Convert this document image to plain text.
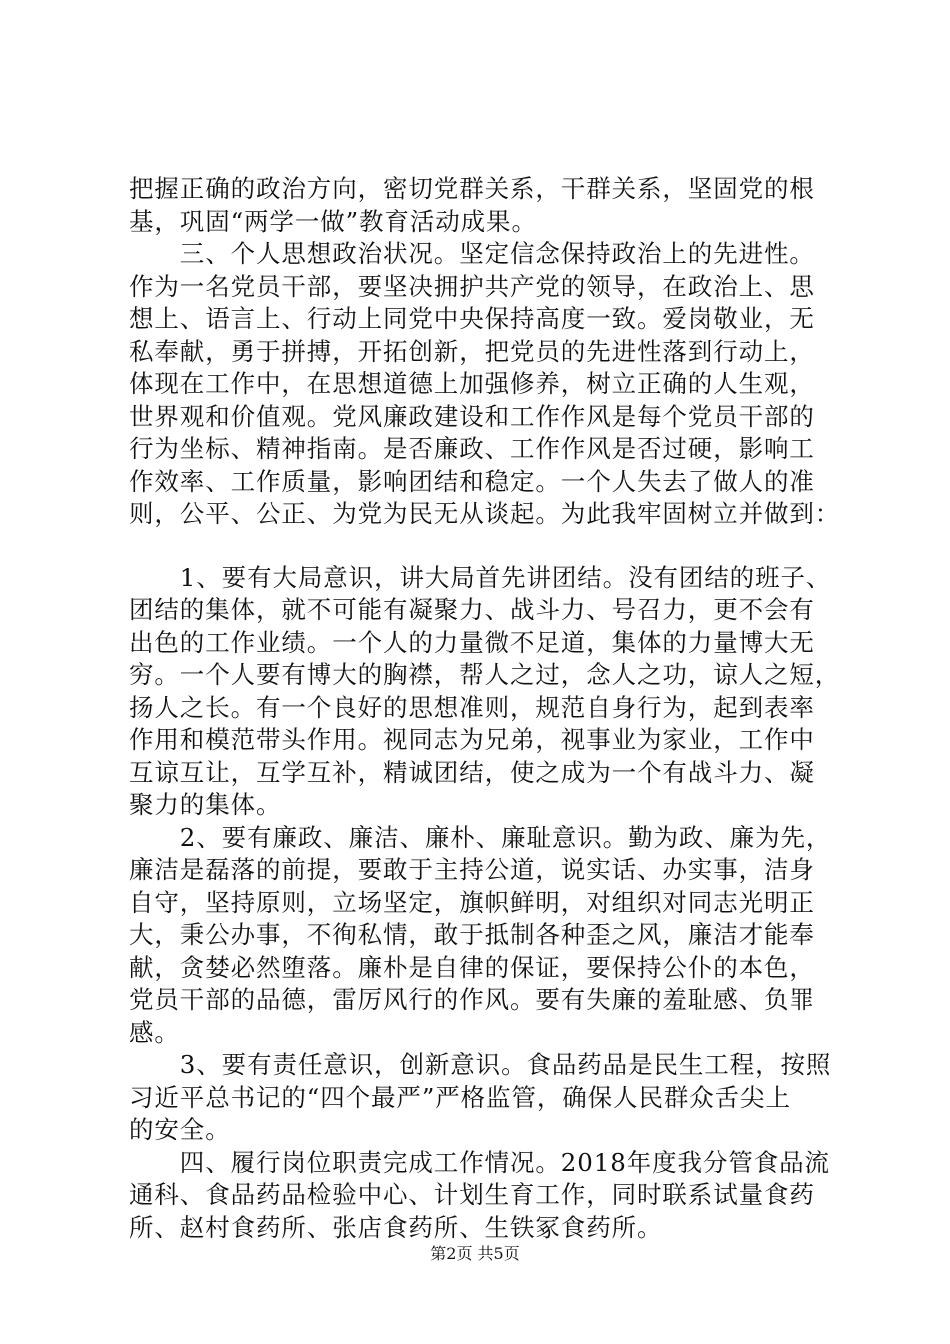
把握正确的政治方向，密切党群关系，干群关系，坚固党的根
基，巩固“两学一做”教育活动成果。
　　三、个人思想政治状况。坚定信念保持政治上的先进性。
作为一名党员干部，要坚决拥护共产党的领导，在政治上、思
想上、语言上、行动上同党中央保持高度一致。爱岗敬业，无
私奉献，勇于拼搏，开拓创新，把党员的先进性落到行动上，
体现在工作中，在思想道德上加强修养，树立正确的人生观，
世界观和价值观。党风廉政建设和工作作风是每个党员干部的
行为坐标、精神指南。是否廉政、工作作风是否过硬，影响工
作效率、工作质量，影响团结和稳定。一个人失去了做人的准
则，公平、公正、为党为民无从谈起。为此我牢固树立并做到：
　　1、要有大局意识，讲大局首先讲团结。没有团结的班子、
团结的集体，就不可能有凝聚力、战斗力、号召力，更不会有
出色的工作业绩。一个人的力量微不足道，集体的力量博大无
穷。一个人要有博大的胸襟，帮人之过，念人之功，谅人之短，
扬人之长。有一个良好的思想准则，规范自身行为，起到表率
作用和模范带头作用。视同志为兄弟，视事业为家业，工作中
互谅互让，互学互补，精诚团结，使之成为一个有战斗力、凝
聚力的集体。
　　2、要有廉政、廉洁、廉朴、廉耻意识。勤为政、廉为先，
廉洁是磊落的前提，要敢于主持公道，说实话、办实事，洁身
自守，坚持原则，立场坚定，旗帜鲜明，对组织对同志光明正
大，秉公办事，不徇私情，敢于抵制各种歪之风，廉洁才能奉
献，贪婪必然堕落。廉朴是自律的保证，要保持公仆的本色，
党员干部的品德，雷厉风行的作风。要有失廉的羞耻感、负罪
感。
　　3、要有责任意识，创新意识。食品药品是民生工程，按照
习近平总书记的“四个最严”严格监管，确保人民群众舌尖上
的安全。
　　四、履行岗位职责完成工作情况。2018年度我分管食品流
通科、食品药品检验中心、计划生育工作，同时联系试量食药
所、赵村食药所、张店食药所、生铁冢食药所。
第2页 共5页
